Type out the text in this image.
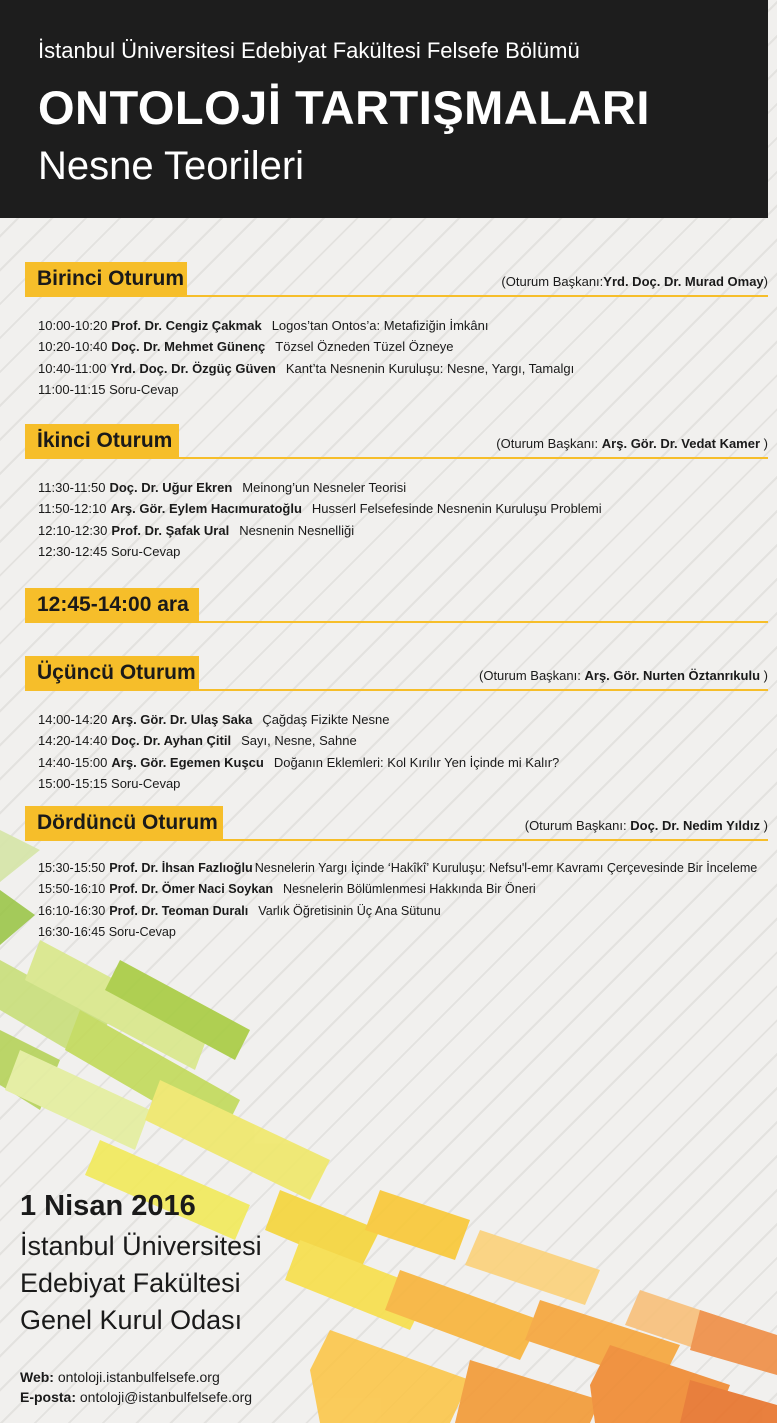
İstanbul Üniversitesi Edebiyat Fakültesi Felsefe Bölümü
ONTOLOJİ TARTIŞMALARI
Nesne Teorileri
Birinci Oturum	(Oturum Başkanı:Yrd. Doç. Dr. Murad Omay)
10:00-10:20 Prof. Dr. Cengiz Çakmak Logos’tan Ontos’a: Metafiziğin İmkânı
10:20-10:40 Doç. Dr. Mehmet Günenç Tözsel Özneden Tüzel Özneye
10:40-11:00 Yrd. Doç. Dr. Özgüç Güven Kant’ta Nesnenin Kuruluşu: Nesne, Yargı, Tamalgı
11:00-11:15 Soru-Cevap
İkinci Oturum	(Oturum Başkanı: Arş. Gör. Dr. Vedat Kamer )
11:30-11:50 Doç. Dr. Uğur Ekren Meinong’un Nesneler Teorisi
11:50-12:10 Arş. Gör. Eylem Hacımuratoğlu Husserl Felsefesinde Nesnenin Kuruluşu Problemi
12:10-12:30 Prof. Dr. Şafak Ural Nesnenin Nesnelliği
12:30-12:45 Soru-Cevap
12:45-14:00 ara
Üçüncü Oturum	(Oturum Başkanı: Arş. Gör. Nurten Öztanrıkulu )
14:00-14:20 Arş. Gör. Dr. Ulaş Saka Çağdaş Fizikte Nesne
14:20-14:40 Doç. Dr. Ayhan Çitil Sayı, Nesne, Sahne
14:40-15:00 Arş. Gör. Egemen Kuşcu Doğanın Eklemleri: Kol Kırılır Yen İçinde mi Kalır?
15:00-15:15 Soru-Cevap
Dördüncü Oturum	(Oturum Başkanı: Doç. Dr. Nedim Yıldız )
15:30-15:50 Prof. Dr. İhsan Fazlıoğlu Nesnelerin Yargı İçinde ‘Hakîkî’ Kuruluşu: Nefsu'l-emr Kavramı Çerçevesinde Bir İnceleme
15:50-16:10 Prof. Dr. Ömer Naci Soykan Nesnelerin Bölümlenmesi Hakkında Bir Öneri
16:10-16:30 Prof. Dr. Teoman Duralı Varlık Öğretisinin Üç Ana Sütunu
16:30-16:45 Soru-Cevap
1 Nisan 2016
İstanbul Üniversitesi
Edebiyat Fakültesi
Genel Kurul Odası
Web: ontoloji.istanbulfelsefe.org
E-posta: ontoloji@istanbulfelsefe.org
